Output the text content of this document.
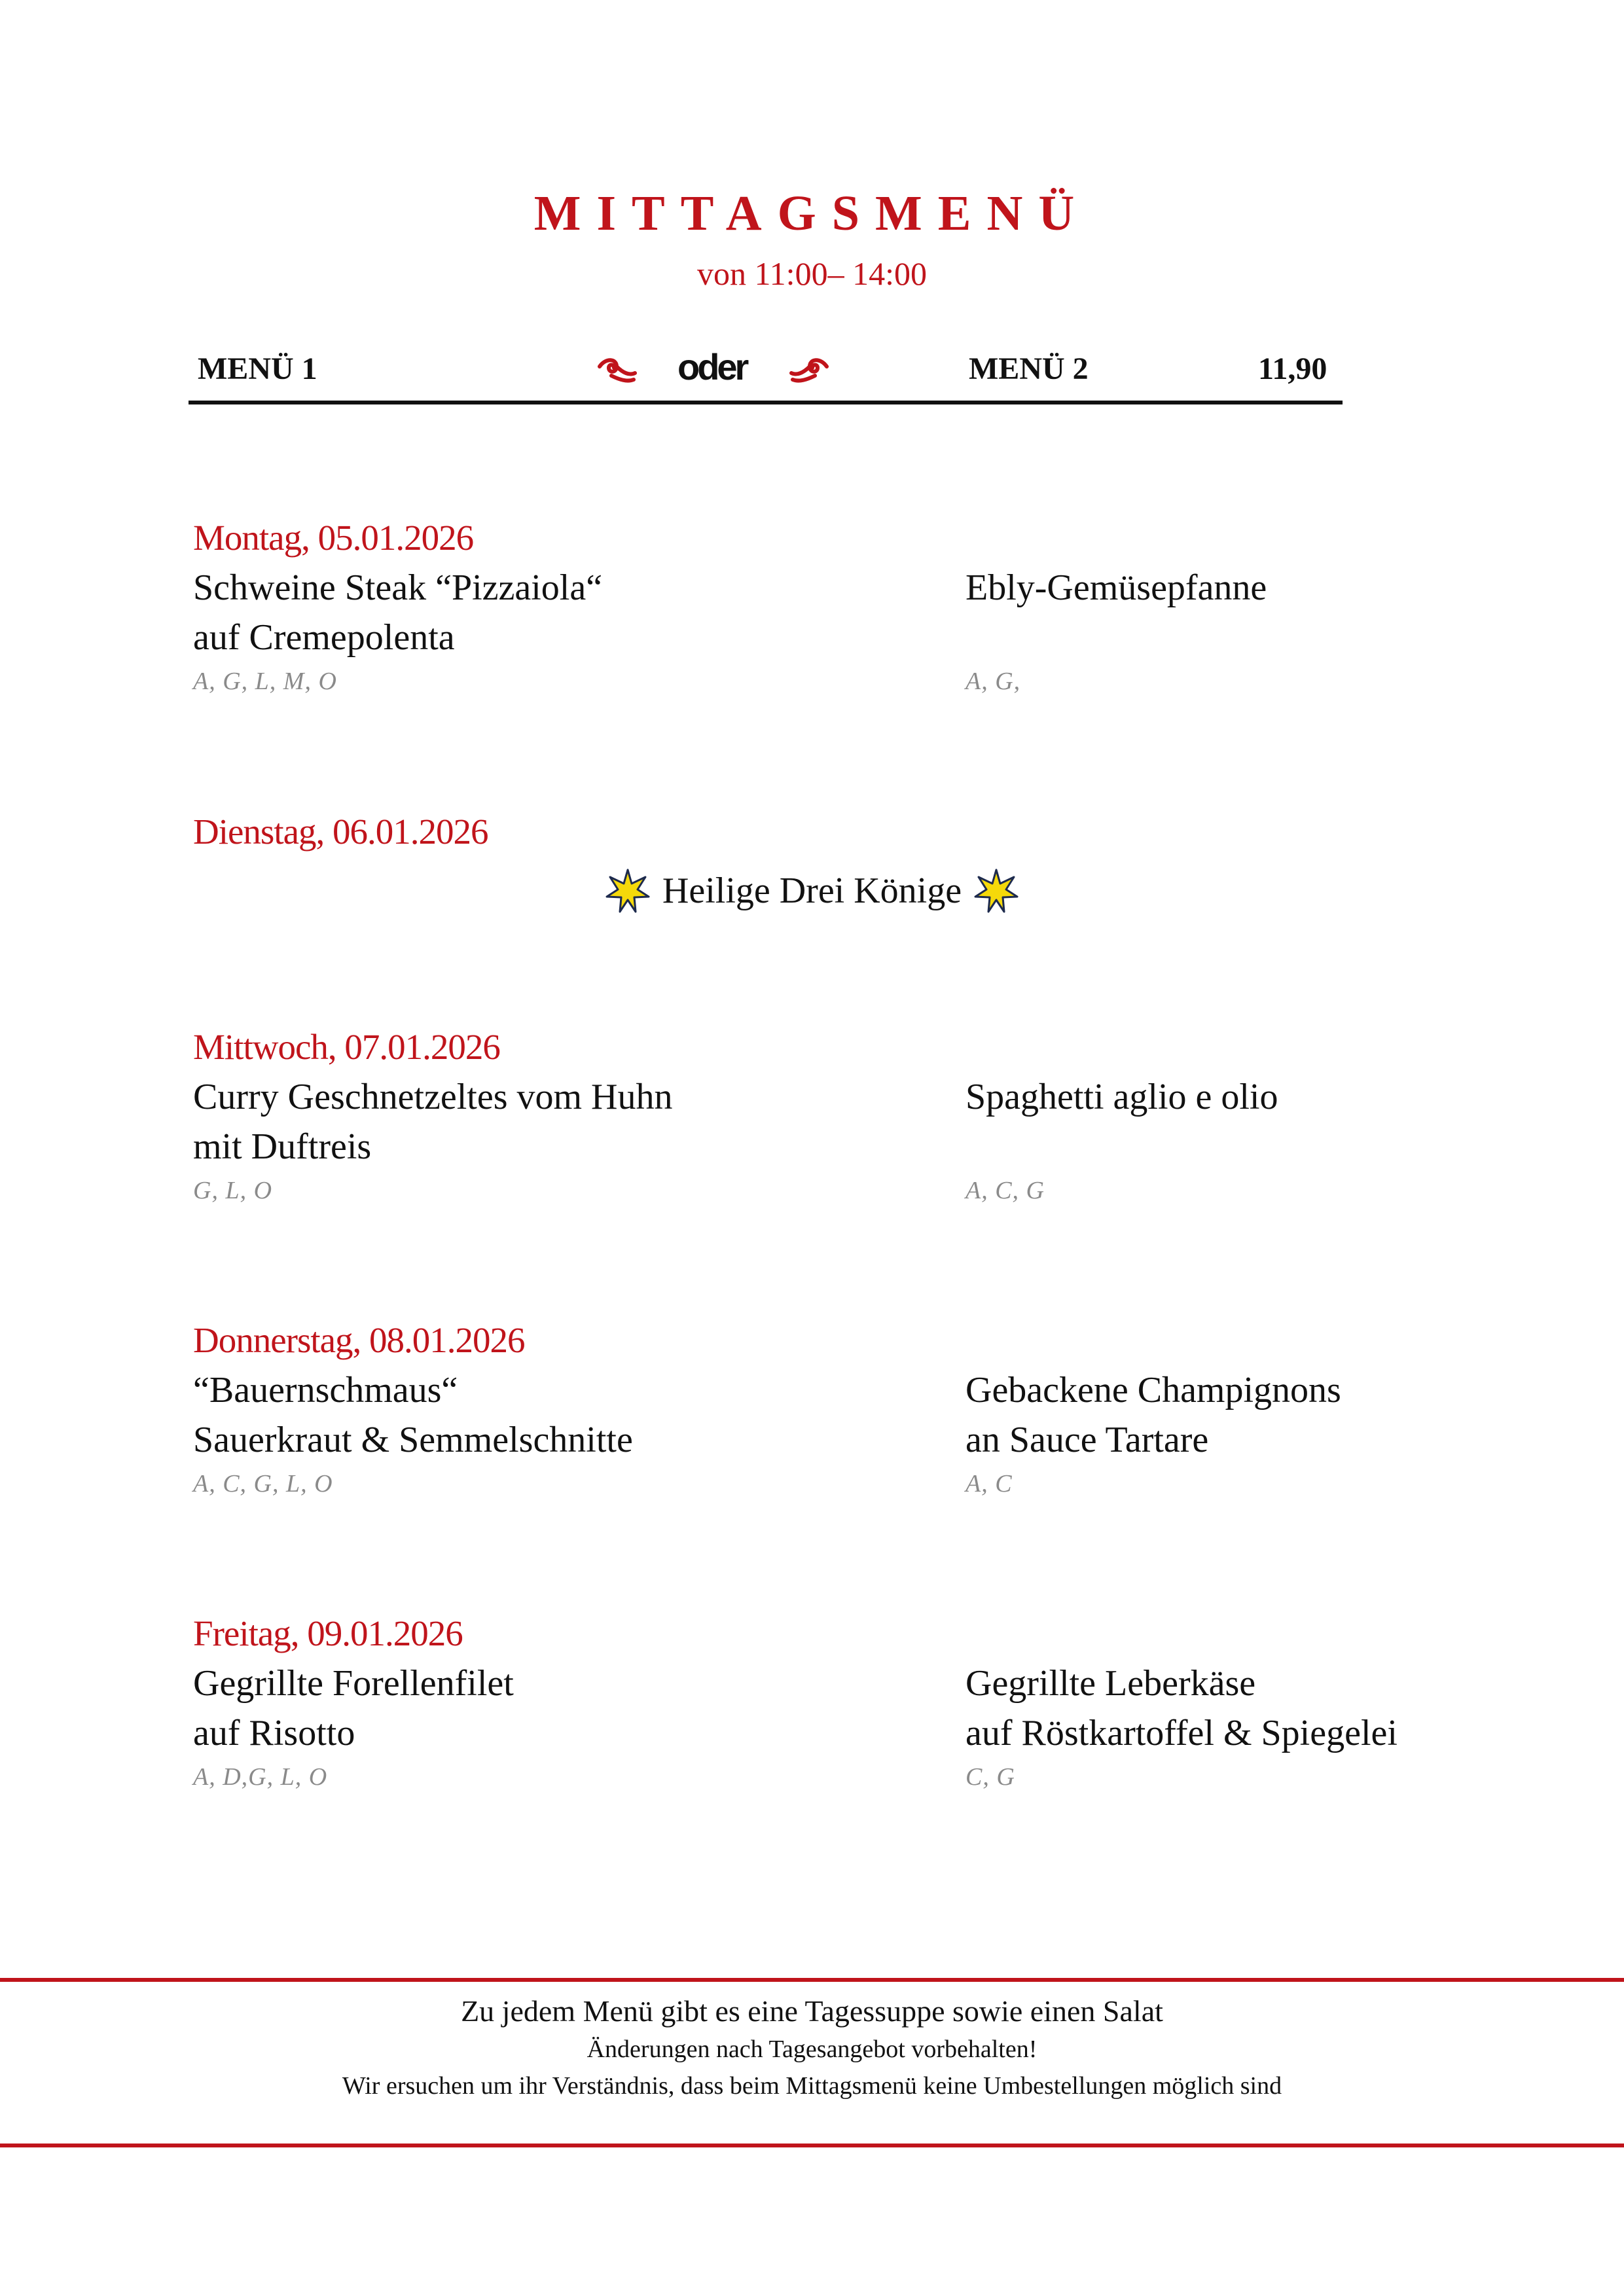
MITTAGSMENÜ
von 11:00– 14:00
MENÜ 1	oder	MENÜ 2	11,90
Montag, 05.01.2026
Schweine Steak “Pizzaiola“
auf Cremepolenta
A, G, L, M, O
Ebly-Gemüsepfanne
A, G,
Dienstag, 06.01.2026
Heilige Drei Könige
Mittwoch, 07.01.2026
Curry Geschnetzeltes vom Huhn
mit Duftreis
G, L, O
Spaghetti aglio e olio
A, C, G
Donnerstag, 08.01.2026
“Bauernschmaus“
Sauerkraut & Semmelschnitte
A, C, G, L, O
Gebackene Champignons
an Sauce Tartare
A, C
Freitag, 09.01.2026
Gegrillte Forellenfilet
auf Risotto
A, D,G, L, O
Gegrillte Leberkäse
auf Röstkartoffel & Spiegelei
C, G
Zu jedem Menü gibt es eine Tagessuppe sowie einen Salat
Änderungen nach Tagesangebot vorbehalten!
Wir ersuchen um ihr Verständnis, dass beim Mittagsmenü keine Umbestellungen möglich sind
